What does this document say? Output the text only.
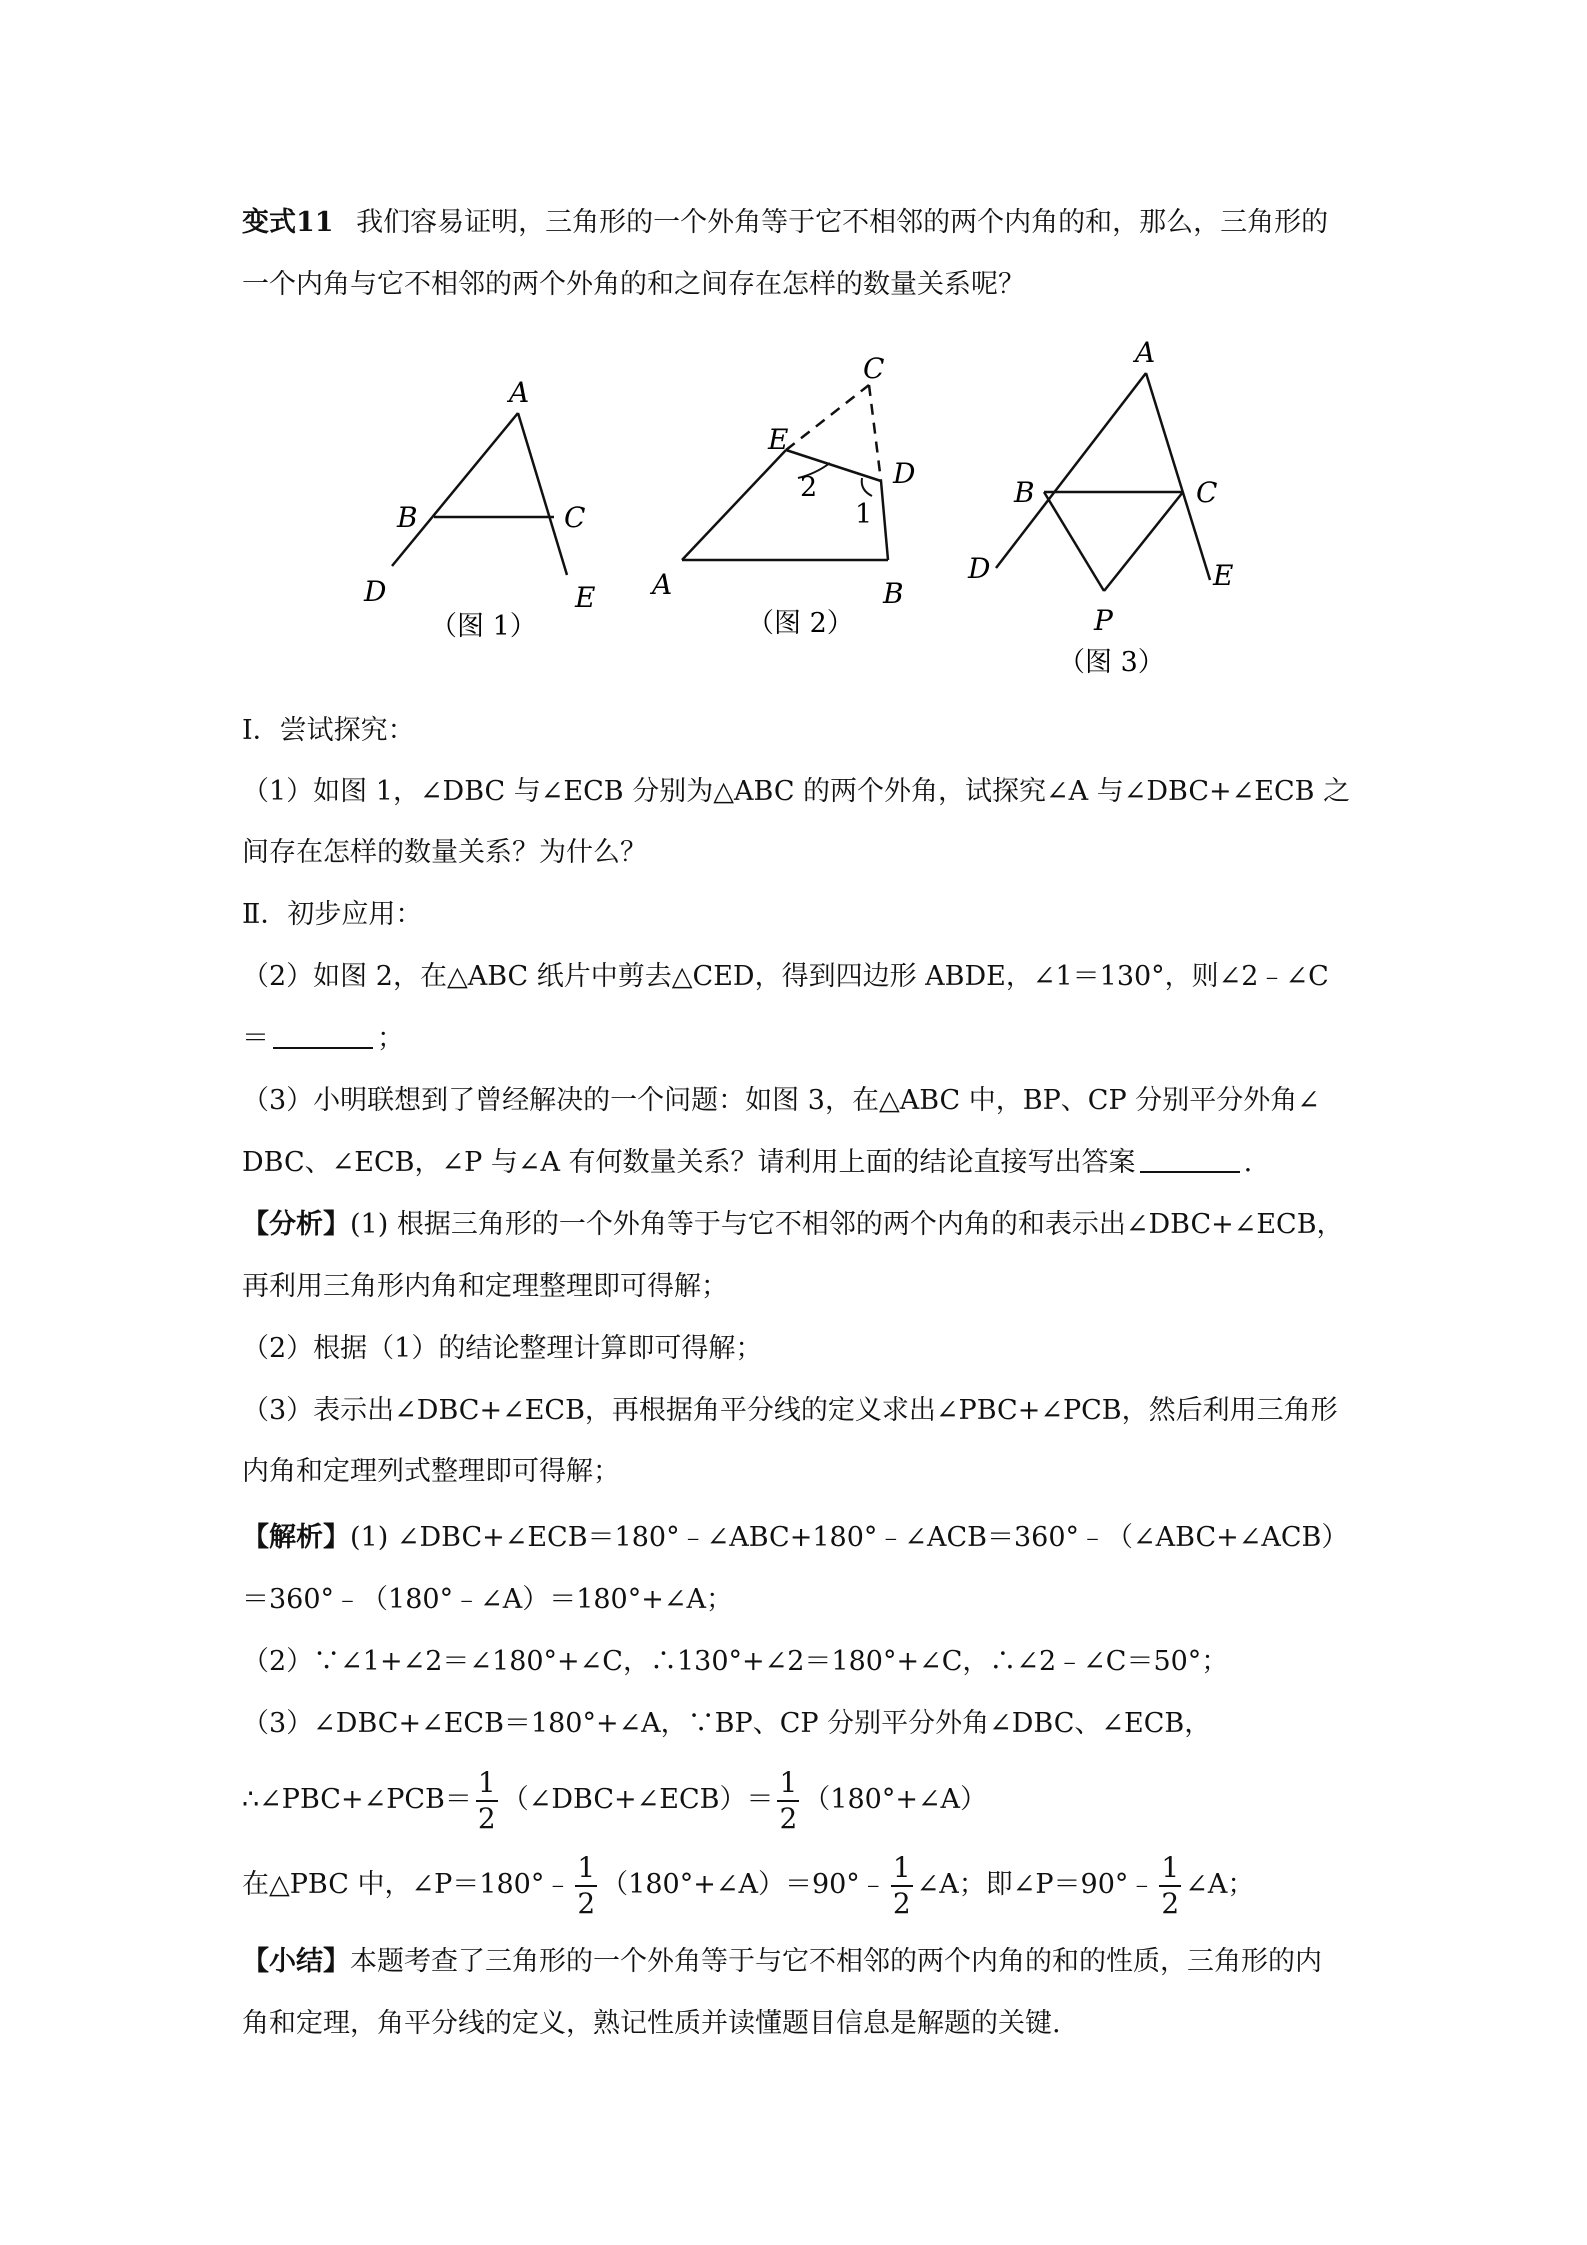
变式11 我们容易证明，三角形的一个外角等于它不相邻的两个内角的和，那么，三角形的
一个内角与它不相邻的两个外角的和之间存在怎样的数量关系呢？
A
B	C
D	E
（图 1）
C
E
D
A	B
2
1
（图 2）
A
B	C
D	E
P
（图 3）
Ⅰ．尝试探究：
（1）如图 1，∠DBC 与∠ECB 分别为△ABC 的两个外角，试探究∠A 与∠DBC+∠ECB 之
间存在怎样的数量关系？为什么？
Ⅱ．初步应用：
（2）如图 2，在△ABC 纸片中剪去△CED，得到四边形 ABDE，∠1＝130°，则∠2﹣∠C
＝	；
（3）小明联想到了曾经解决的一个问题：如图 3，在△ABC 中，BP、CP 分别平分外角∠
DBC、∠ECB，∠P 与∠A 有何数量关系？请利用上面的结论直接写出答案	.
【分析】(1) 根据三角形的一个外角等于与它不相邻的两个内角的和表示出∠DBC+∠ECB，
再利用三角形内角和定理整理即可得解；
（2）根据（1）的结论整理计算即可得解；
（3）表示出∠DBC+∠ECB，再根据角平分线的定义求出∠PBC+∠PCB，然后利用三角形
内角和定理列式整理即可得解；
【解析】(1) ∠DBC+∠ECB＝180°﹣∠ABC+180°﹣∠ACB＝360°﹣（∠ABC+∠ACB）
＝360°﹣（180°﹣∠A）＝180°+∠A；
（2）∵∠1+∠2＝∠180°+∠C，∴130°+∠2＝180°+∠C，∴∠2﹣∠C＝50°；
（3）∠DBC+∠ECB＝180°+∠A，∵BP、CP 分别平分外角∠DBC、∠ECB，
∴∠PBC+∠PCB＝ $\frac{1}{2}$ （∠DBC+∠ECB）＝ $\frac{1}{2}$ （180°+∠A）
在△PBC 中，∠P＝180°﹣ $\frac{1}{2}$ （180°+∠A）＝90°﹣ $\frac{1}{2}$ ∠A；即∠P＝90°﹣ $\frac{1}{2}$ ∠A；
【小结】本题考查了三角形的一个外角等于与它不相邻的两个内角的和的性质，三角形的内
角和定理，角平分线的定义，熟记性质并读懂题目信息是解题的关键.
